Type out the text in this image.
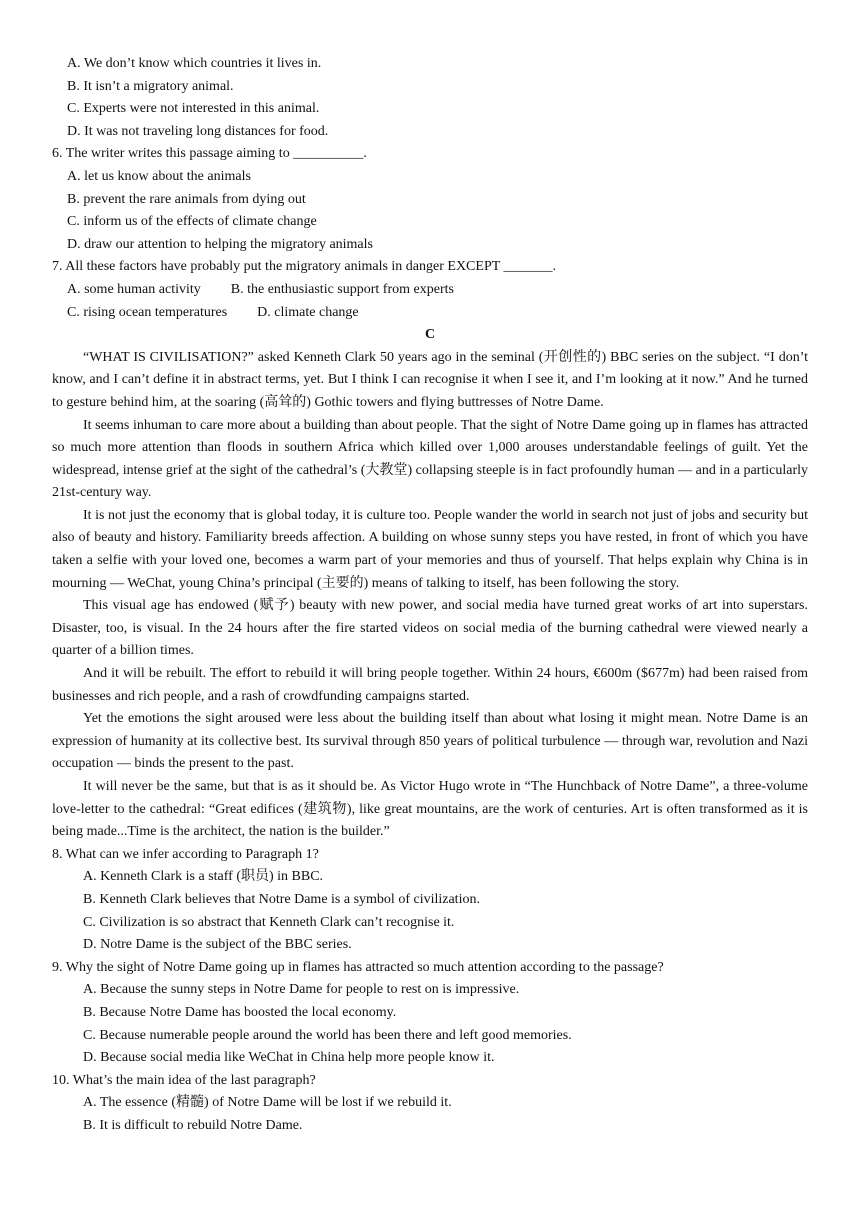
A. We don’t know which countries it lives in.

B. It isn’t a migratory animal.

C. Experts were not interested in this animal.

D. It was not traveling long distances for food.

6. The writer writes this passage aiming to __________.

A. let us know about the animals

B. prevent the rare animals from dying out

C. inform us of the effects of climate change

D. draw our attention to helping the migratory animals

7. All these factors have probably put the migratory animals in danger EXCEPT _______.

A. some human activity B. the enthusiastic support from experts

C. rising ocean temperatures D. climate change

C

“WHAT IS CIVILISATION?” asked Kenneth Clark 50 years ago in the seminal (开创性的) BBC series on the subject. “I don’t know, and I can’t define it in abstract terms, yet. But I think I can recognise it when I see it, and I’m looking at it now.” And he turned to gesture behind him, at the soaring (高耸的) Gothic towers and flying buttresses of Notre Dame.

It seems inhuman to care more about a building than about people. That the sight of Notre Dame going up in flames has attracted so much more attention than floods in southern Africa which killed over 1,000 arouses understandable feelings of guilt. Yet the widespread, intense grief at the sight of the cathedral’s (大教堂) collapsing steeple is in fact profoundly human — and in a particularly 21st-century way.

It is not just the economy that is global today, it is culture too. People wander the world in search not just of jobs and security but also of beauty and history. Familiarity breeds affection. A building on whose sunny steps you have rested, in front of which you have taken a selfie with your loved one, becomes a warm part of your memories and thus of yourself. That helps explain why China is in mourning — WeChat, young China’s principal (主要的) means of talking to itself, has been following the story.

This visual age has endowed (赋予) beauty with new power, and social media have turned great works of art into superstars. Disaster, too, is visual. In the 24 hours after the fire started videos on social media of the burning cathedral were viewed nearly a quarter of a billion times.

And it will be rebuilt. The effort to rebuild it will bring people together. Within 24 hours, €600m ($677m) had been raised from businesses and rich people, and a rash of crowdfunding campaigns started.

Yet the emotions the sight aroused were less about the building itself than about what losing it might mean. Notre Dame is an expression of humanity at its collective best. Its survival through 850 years of political turbulence — through war, revolution and Nazi occupation — binds the present to the past.

It will never be the same, but that is as it should be. As Victor Hugo wrote in “The Hunchback of Notre Dame”, a three-volume love-letter to the cathedral: “Great edifices (建筑物), like great mountains, are the work of centuries. Art is often transformed as it is being made...Time is the architect, the nation is the builder.”

8. What can we infer according to Paragraph 1?

A. Kenneth Clark is a staff (职员) in BBC.

B. Kenneth Clark believes that Notre Dame is a symbol of civilization.

C. Civilization is so abstract that Kenneth Clark can’t recognise it.

D. Notre Dame is the subject of the BBC series.

9. Why the sight of Notre Dame going up in flames has attracted so much attention according to the passage?

A. Because the sunny steps in Notre Dame for people to rest on is impressive.

B. Because Notre Dame has boosted the local economy.

C. Because numerable people around the world has been there and left good memories.

D. Because social media like WeChat in China help more people know it.

10. What’s the main idea of the last paragraph?

A. The essence (精髓) of Notre Dame will be lost if we rebuild it.

B. It is difficult to rebuild Notre Dame.
